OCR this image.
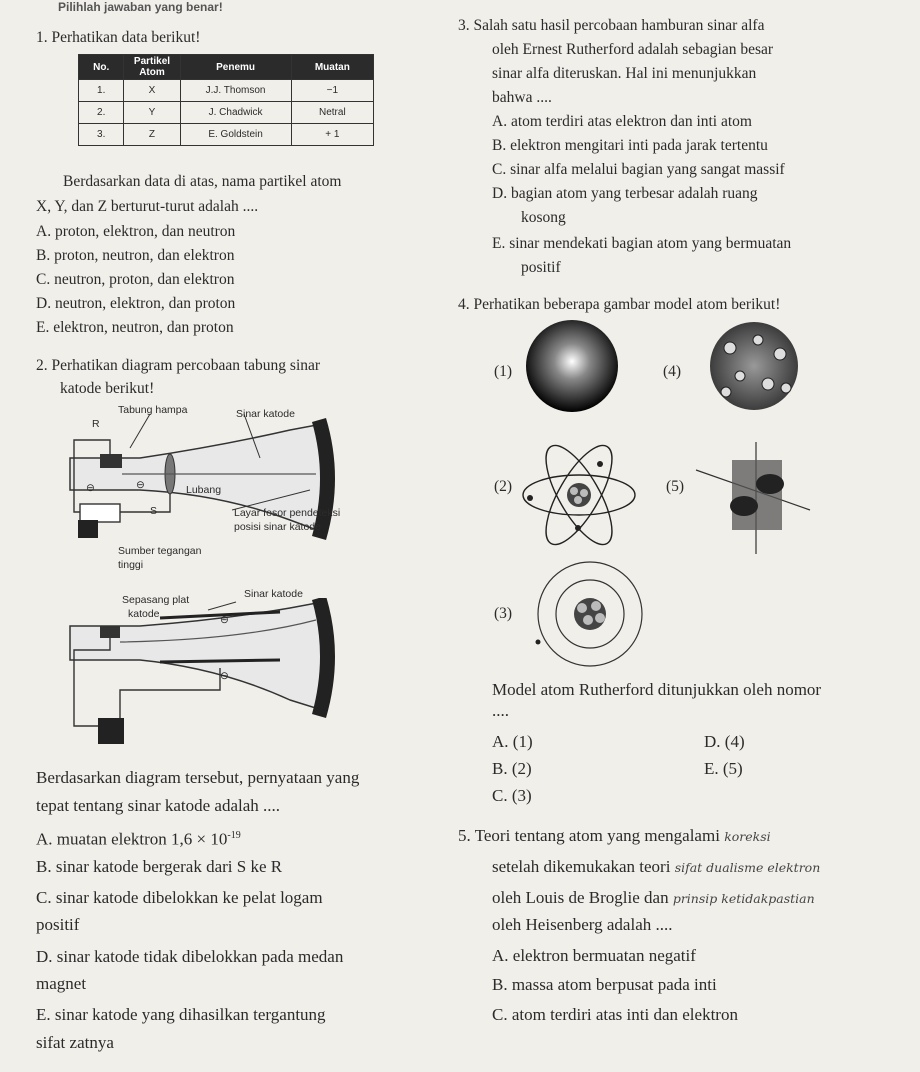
Pilihlah jawaban yang benar!
1. Perhatikan data berikut!
No.	Partikel Atom	Penemu	Muatan
1.	X	J.J. Thomson	−1
2.	Y	J. Chadwick	Netral
3.	Z	E. Goldstein	+ 1
Berdasarkan data di atas, nama partikel atom
X, Y, dan Z berturut-turut adalah ....
A. proton, elektron, dan neutron
B. proton, neutron, dan elektron
C. neutron, proton, dan elektron
D. neutron, elektron, dan proton
E. elektron, neutron, dan proton
2. Perhatikan diagram percobaan tabung sinar
katode berikut!
Tabung hampa	Sinar katode
R
⊖	⊖	Lubang
S	Layar fosor pendeteksi
posisi sinar katode
Sumber tegangan
tinggi
Sepasang plat
katode
Sinar katode
⊖
⊖
Berdasarkan diagram tersebut, pernyataan yang
tepat tentang sinar katode adalah ....
A. muatan elektron $1,6 \times 10^{-19}$
B. sinar katode bergerak dari S ke R
C. sinar katode dibelokkan ke pelat logam
positif
D. sinar katode tidak dibelokkan pada medan
magnet
E. sinar katode yang dihasilkan tergantung
sifat zatnya
3. Salah satu hasil percobaan hamburan sinar alfa
oleh Ernest Rutherford adalah sebagian besar
sinar alfa diteruskan. Hal ini menunjukkan
bahwa ....
A. atom terdiri atas elektron dan inti atom
B. elektron mengitari inti pada jarak tertentu
C. sinar alfa melalui bagian yang sangat massif
D. bagian atom yang terbesar adalah ruang
kosong
E. sinar mendekati bagian atom yang bermuatan
positif
4. Perhatikan beberapa gambar model atom berikut!
(1)	(4)
(2)	(5)
(3)
Model atom Rutherford ditunjukkan oleh nomor
....
A. (1)
B. (2)
C. (3)
D. (4)
E. (5)
5. Teori tentang atom yang mengalami koreksi
setelah dikemukakan teori sifat dualisme elektron
oleh Louis de Broglie dan prinsip ketidakpastian
oleh Heisenberg adalah ....
A. elektron bermuatan negatif
B. massa atom berpusat pada inti
C. atom terdiri atas inti dan elektron
